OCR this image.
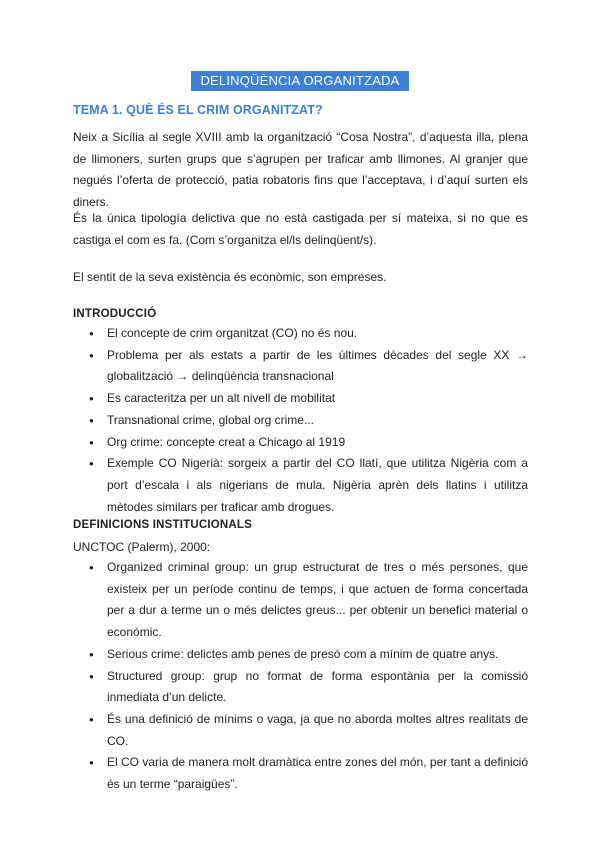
DELINQÜÈNCIA ORGANITZADA
TEMA 1. QUÈ ÉS EL CRIM ORGANITZAT?

Neix a Sicília al segle XVIII amb la organització “Cosa Nostra”, d’aquesta illa, plena de llimoners, surten grups que s’agrupen per traficar amb llimones. Al granjer que negués l’oferta de protecció, patia robatoris fins que l’acceptava, i d’aquí surten els diners.

És la única tipología delictiva que no està castigada per sí mateixa, si no que es castiga el com es fa. (Com s’organitza el/ls delinqüent/s).

El sentit de la seva existència és econòmic, son empreses.

INTRODUCCIÓ
● El concepte de crim organitzat (CO) no és nou.
● Problema per als estats a partir de les últimes dècades del segle XX → globalització → delinqüència transnacional
● Es caracteritza per un alt nivell de mobilitat
● Transnational crime, global org crime...
● Org crime: concepte creat a Chicago al 1919
● Exemple CO Nigerià: sorgeix a partir del CO llatí, que utilitza Nigèria com a port d’escala i als nigerians de mula. Nigèria aprèn dels llatins i utilitza mètodes similars per traficar amb drogues.
DEFINICIONS INSTITUCIONALS
UNCTOC (Palerm), 2000:
● Organized criminal group: un grup estructurat de tres o més persones, que existeix per un període continu de temps, i que actuen de forma concertada per a dur a terme un o més delictes greus... per obtenir un benefici material o econòmic.
● Serious crime: delictes amb penes de presó com a mínim de quatre anys.
● Structured group: grup no format de forma espontània per la comissió inmediata d’un delicte.
● És una definició de mínims o vaga, ja que no aborda moltes altres realitats de CO.
● El CO varia de manera molt dramàtica entre zones del món, per tant a definició és un terme “paraigües”.
